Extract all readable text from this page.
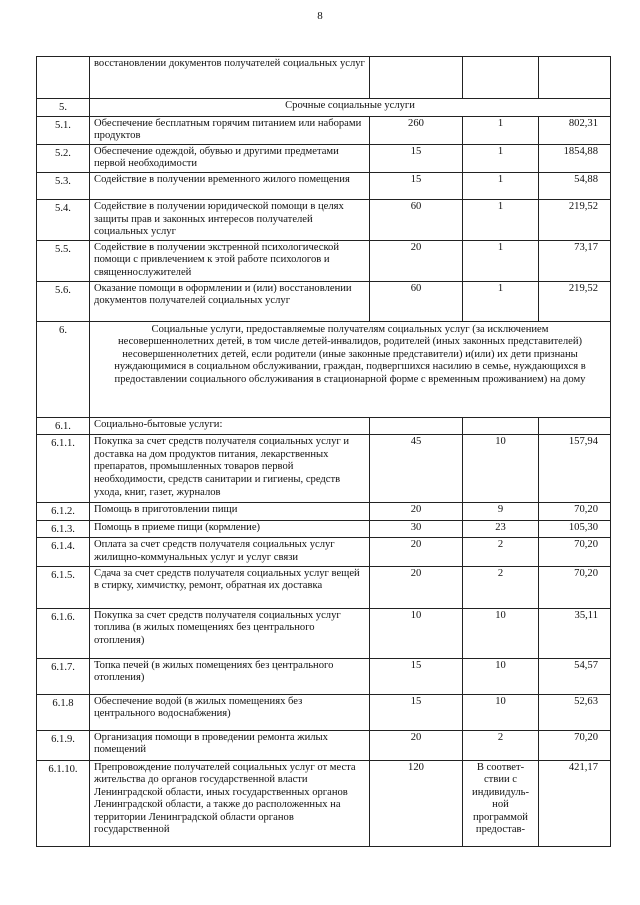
8
	восстановлении документов получателей социальных услуг			
5.	Срочные социальные услуги			
5.1.	Обеспечение бесплатным горячим питанием или наборами продуктов	260	1	802,31
5.2.	Обеспечение одеждой, обувью и другими предметами первой необходимости	15	1	1854,88
5.3.	Содействие в получении временного жилого помещения	15	1	54,88
5.4.	Содействие в получении юридической помощи в целях защиты прав и законных интересов получателей социальных услуг	60	1	219,52
5.5.	Содействие в получении экстренной психологической помощи с привлечением к этой работе психологов и священнослужителей	20	1	73,17
5.6.	Оказание помощи в оформлении и (или) восстановлении документов получателей социальных услуг	60	1	219,52
6.	Социальные услуги, предоставляемые получателям социальных услуг (за исключением несовершеннолетних детей, в том числе детей-инвалидов, родителей (иных законных представителей) несовершеннолетних детей, если родители (иные законные представители) и(или) их дети признаны нуждающимися в социальном обслуживании, граждан, подвергшихся насилию в семье, нуждающихся в предоставлении социального обслуживания в стационарной форме с временным проживанием) на дому			
6.1.	Социально-бытовые услуги:			
6.1.1.	Покупка за счет средств получателя социальных услуг и доставка на дом продуктов питания, лекарственных препаратов, промышленных товаров первой необходимости, средств санитарии и гигиены, средств ухода, книг, газет, журналов	45	10	157,94
6.1.2.	Помощь в приготовлении пищи	20	9	70,20
6.1.3.	Помощь в приеме пищи (кормление)	30	23	105,30
6.1.4.	Оплата за счет средств получателя социальных услуг жилищно-коммунальных услуг и услуг связи	20	2	70,20
6.1.5.	Сдача за счет средств получателя социальных услуг вещей в стирку, химчистку, ремонт, обратная их доставка	20	2	70,20
6.1.6.	Покупка за счет средств получателя социальных услуг топлива (в жилых помещениях без центрального отопления)	10	10	35,11
6.1.7.	Топка печей (в жилых помещениях без центрального отопления)	15	10	54,57
6.1.8	Обеспечение водой (в жилых помещениях без центрального водоснабжения)	15	10	52,63
6.1.9.	Организация помощи в проведении ремонта жилых помещений	20	2	70,20
6.1.10.	Препровождение получателей социальных услуг от места жительства до органов государственной власти Ленинградской области, иных государственных органов Ленинградской области, а также до расположенных на территории Ленинградской области органов государственной	120	В соответ-ствии с индивидуль-ной программой предостав-	421,17
